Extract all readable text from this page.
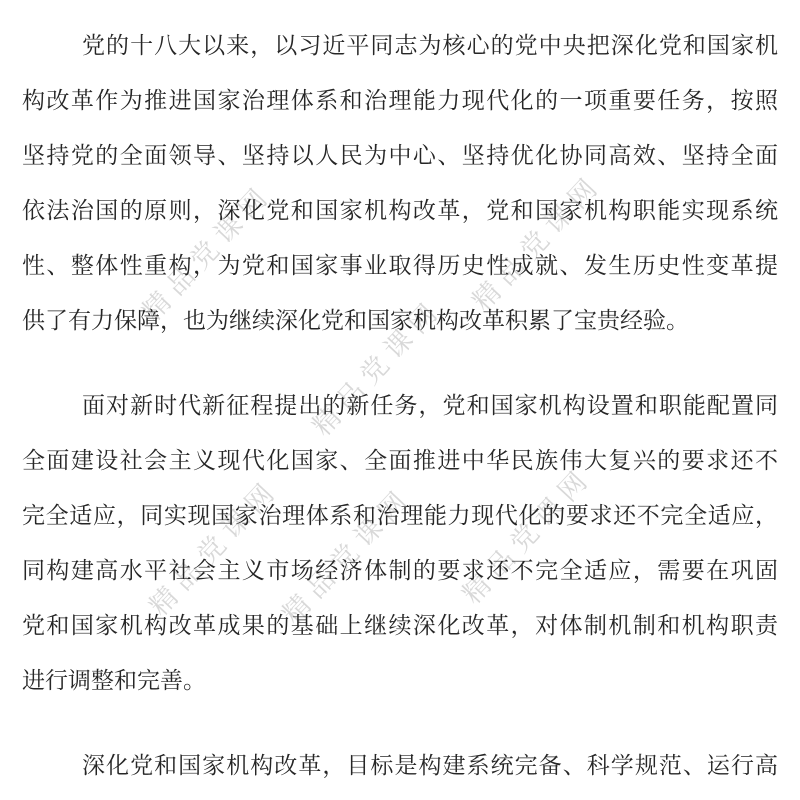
精品党课网	精品党课网
精品党课网
精品党课网
精品党课网 精品党课网
党的十八大以来，以习近平同志为核心的党中央把深化党和国家机
构改革作为推进国家治理体系和治理能力现代化的一项重要任务，按照
坚持党的全面领导、坚持以人民为中心、坚持优化协同高效、坚持全面
依法治国的原则，深化党和国家机构改革，党和国家机构职能实现系统
性、整体性重构，为党和国家事业取得历史性成就、发生历史性变革提
供了有力保障，也为继续深化党和国家机构改革积累了宝贵经验。
面对新时代新征程提出的新任务，党和国家机构设置和职能配置同
全面建设社会主义现代化国家、全面推进中华民族伟大复兴的要求还不
完全适应，同实现国家治理体系和治理能力现代化的要求还不完全适应，
同构建高水平社会主义市场经济体制的要求还不完全适应，需要在巩固
党和国家机构改革成果的基础上继续深化改革，对体制机制和机构职责
进行调整和完善。
深化党和国家机构改革，目标是构建系统完备、科学规范、运行高
